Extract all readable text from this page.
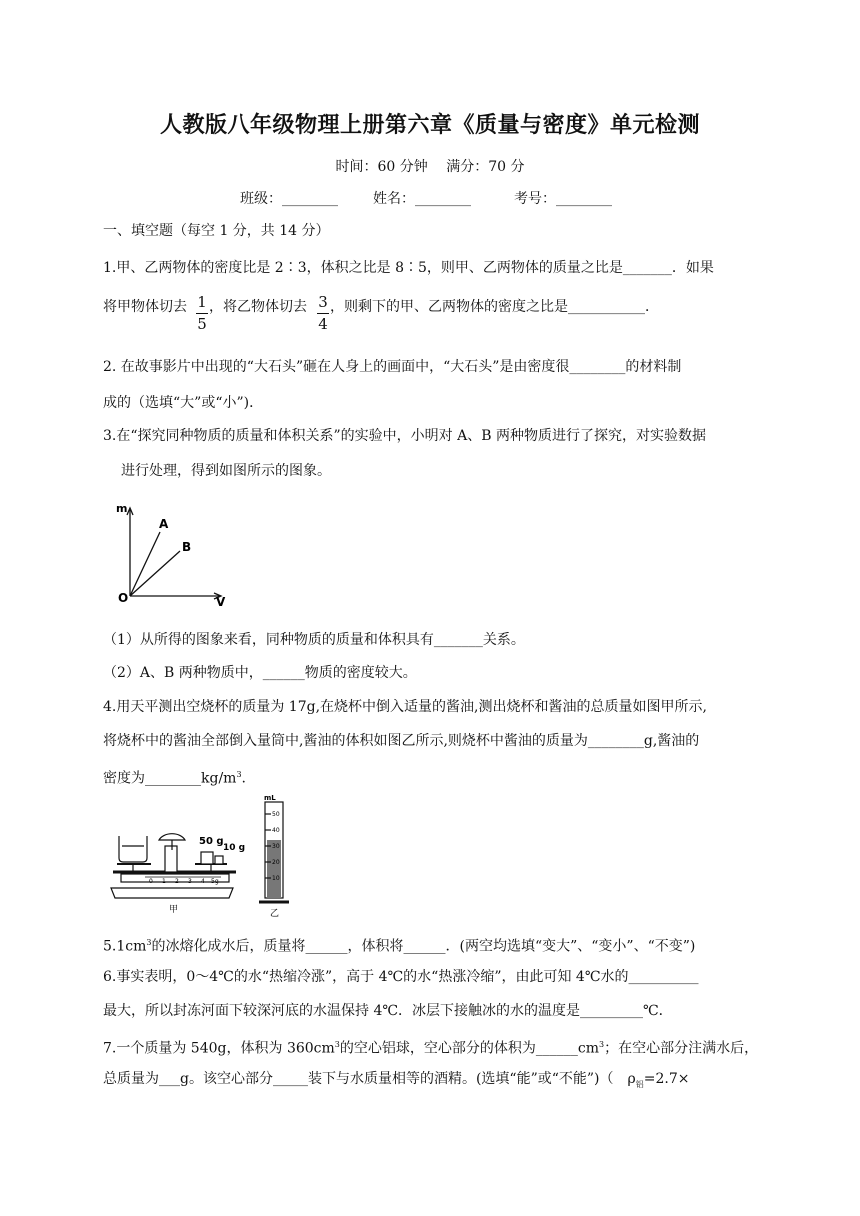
人教版八年级物理上册第六章《质量与密度》单元检测
时间：60 分钟　 满分：70 分
班级：________	姓名：________	考号：________
一、填空题（每空 1 分，共 14 分）
1.甲、乙两物体的密度比是 2∶3，体积之比是 8∶5，则甲、乙两物体的质量之比是_______．如果
将甲物体切去 1
5
，将乙物体切去 3
4
，则剩下的甲、乙两物体的密度之比是___________．
2. 在故事影片中出现的“大石头”砸在人身上的画面中，“大石头”是由密度很________的材料制
成的（选填“大”或“小”)．
3.在“探究同种物质的质量和体积关系”的实验中，小明对 A、B 两种物质进行了探究，对实验数据
进行处理，得到如图所示的图象。
m
A
B
O	V
（1）从所得的图象来看，同种物质的质量和体积具有_______关系。
（2）A、B 两种物质中，______物质的密度较大。
4.用天平测出空烧杯的质量为 17g,在烧杯中倒入适量的酱油,测出烧杯和酱油的总质量如图甲所示,
将烧杯中的酱油全部倒入量筒中,酱油的体积如图乙所示,则烧杯中酱油的质量为________g,酱油的
密度为$\_\_\_\_\_\_\_\_kg/m^3$.
50 g
10 g
0 1 2 3 4 5g
mL
50
40
30
20
10
甲	乙
$5.1cm^3$的冰熔化成水后，质量将______，体积将______．(两空均选填“变大”、“变小”、“不变”)
6.事实表明，0～4℃的水“热缩冷涨”，高于 4℃的水“热涨冷缩”，由此可知 4℃水的__________
最大，所以封冻河面下较深河底的水温保持 4℃．冰层下接触冰的水的温度是_________℃．
7.一个质量为 540g，体积为 $360cm^3$的空心铝球，空心部分的体积为$\_\_\_\_\_\_cm^3$；在空心部分注满水后，
总质量为___g。该空心部分_____装下与水质量相等的酒精。(选填“能”或“不能”)（　$\rho_铝=2.7\times$
